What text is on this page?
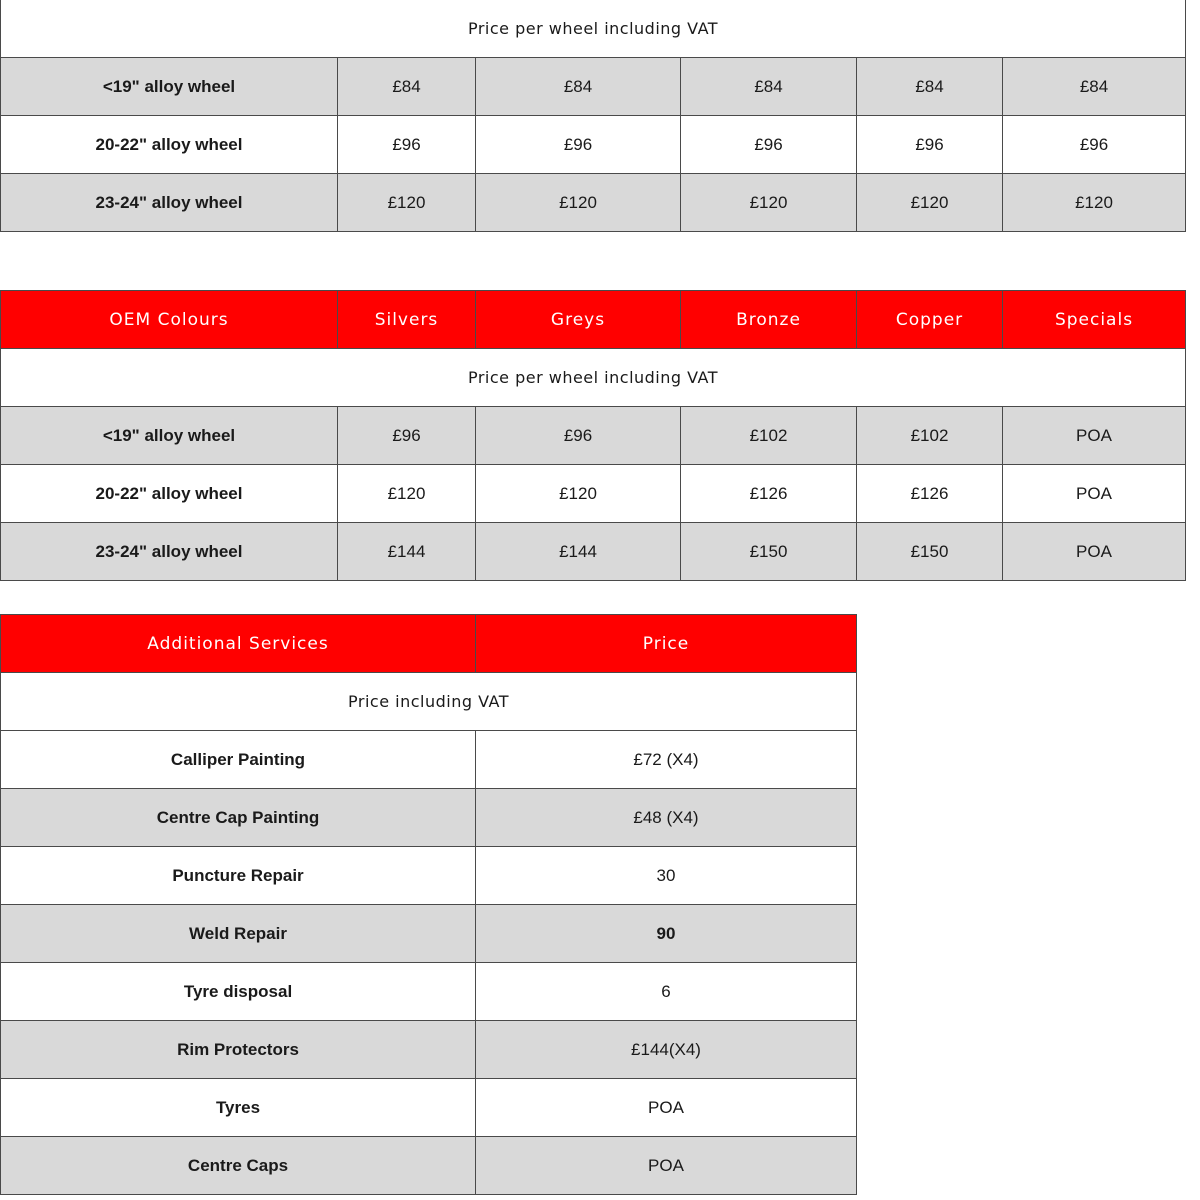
Price per wheel including VAT					
<19" alloy wheel	£84	£84	£84	£84	£84
20-22" alloy wheel	£96	£96	£96	£96	£96
23-24" alloy wheel	£120	£120	£120	£120	£120
OEM Colours	Silvers	Greys	Bronze	Copper	Specials
Price per wheel including VAT					
<19" alloy wheel	£96	£96	£102	£102	POA
20-22" alloy wheel	£120	£120	£126	£126	POA
23-24" alloy wheel	£144	£144	£150	£150	POA
Additional Services	Price
Price including VAT	
Calliper Painting	£72 (X4)
Centre Cap Painting	£48 (X4)
Puncture Repair	30
Weld Repair	90
Tyre disposal	6
Rim Protectors	£144(X4)
Tyres	POA
Centre Caps	POA
